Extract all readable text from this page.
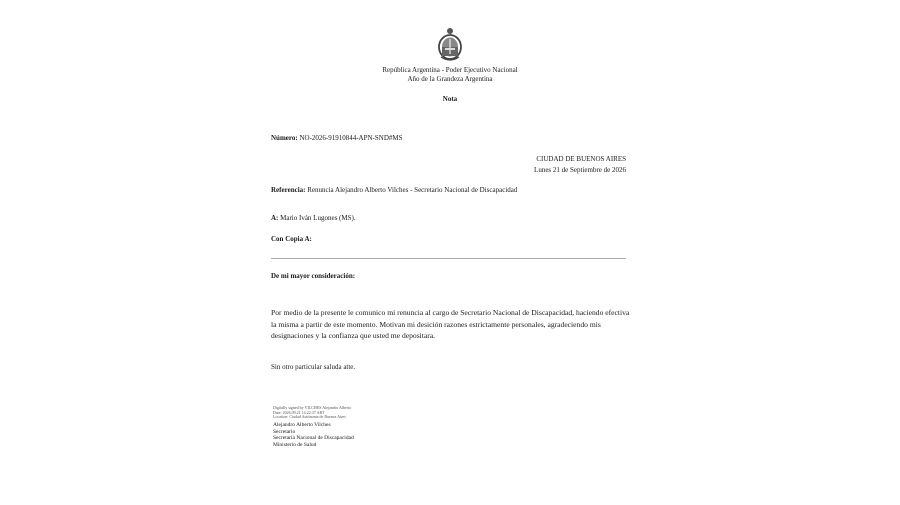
República Argentina - Poder Ejecutivo Nacional
Año de la Grandeza Argentina
Nota
Número: NO-2026-91910844-APN-SND#MS
CIUDAD DE BUENOS AIRES
Lunes 21 de Septiembre de 2026
Referencia: Renuncia Alejandro Alberto Vilches - Secretario Nacional de Discapacidad
A: Mario Iván Lugones (MS).
Con Copia A:
De mi mayor consideración:
Por medio de la presente le comunico mi renuncia al cargo de Secretario Nacional de Discapacidad, haciendo efectiva la misma a partir de este momento. Motivan mi desición razones estrictamente personales, agradeciendo mis designaciones y la confianza que usted me depositara.
Sin otro particular saluda atte.
Digitally signed by VILCHES Alejandro Alberto
Date: 2026.09.21 14:22:37 ART
Location: Ciudad Autónoma de Buenos Aires
Alejandro Alberto Vilches
Secretario
Secretaría Nacional de Discapacidad
Ministerio de Salud
